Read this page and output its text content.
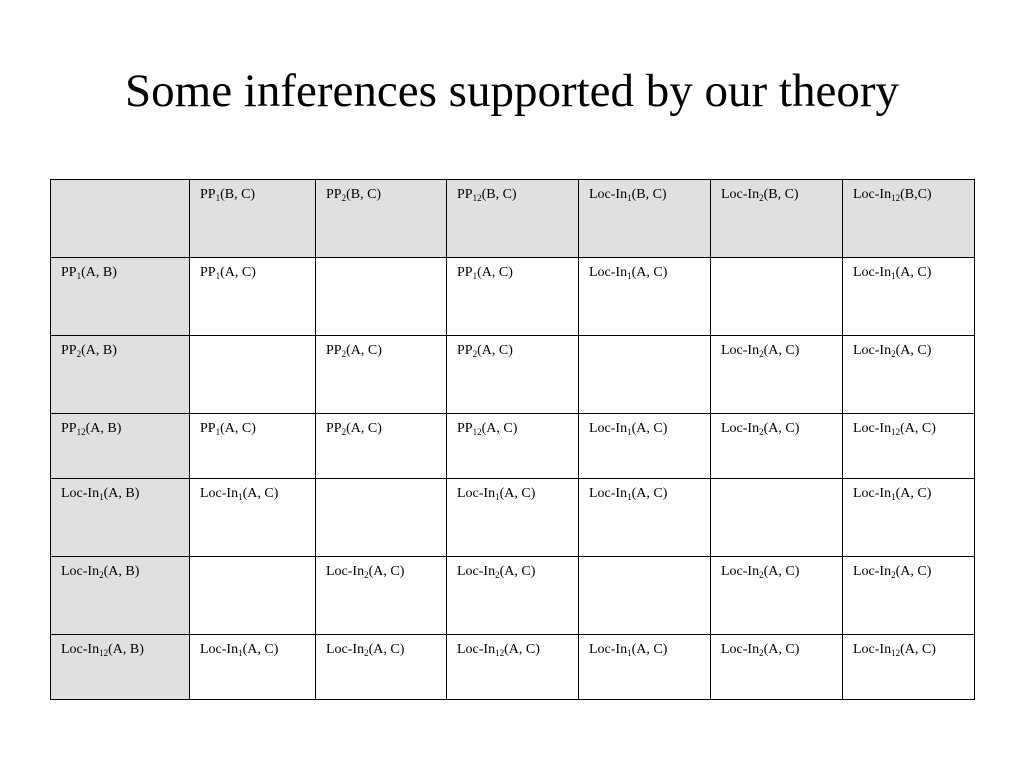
Some inferences supported by our theory
	$PP_1(B$, C)	$PP_2(B$, C)	$PP_{12}(B$, C)	Loc-$In_1(B$, C)	Loc-$In_2(B$, C)	Loc-$In_{12}(B,C)$
$PP_1(A$, B)	$PP_1(A$, C)		$PP_1(A$, C)	Loc-$In_1(A$, C)		Loc-$In_1(A$, C)
$PP_2(A$, B)		$PP_2(A$, C)	$PP_2(A$, C)		Loc-$In_2(A$, C)	Loc-$In_2(A$, C)
$PP_{12}(A$, B)	$PP_1(A$, C)	$PP_2(A$, C)	$PP_{12}(A$, C)	Loc-$In_1(A$, C)	Loc-$In_2(A$, C)	Loc-$In_{12}(A$, C)
Loc-$In_1(A$, B)	Loc-$In_1(A$, C)		Loc-$In_1(A$, C)	Loc-$In_1(A$, C)		Loc-$In_1(A$, C)
Loc-$In_2(A$, B)		Loc-$In_2(A$, C)	Loc-$In_2(A$, C)		Loc-$In_2(A$, C)	Loc-$In_2(A$, C)
Loc-$In_{12}(A$, B)	Loc-$In_1(A$, C)	Loc-$In_2(A$, C)	Loc-$In_{12}(A$, C)	Loc-$In_1(A$, C)	Loc-$In_2(A$, C)	Loc-$In_{12}(A$, C)
